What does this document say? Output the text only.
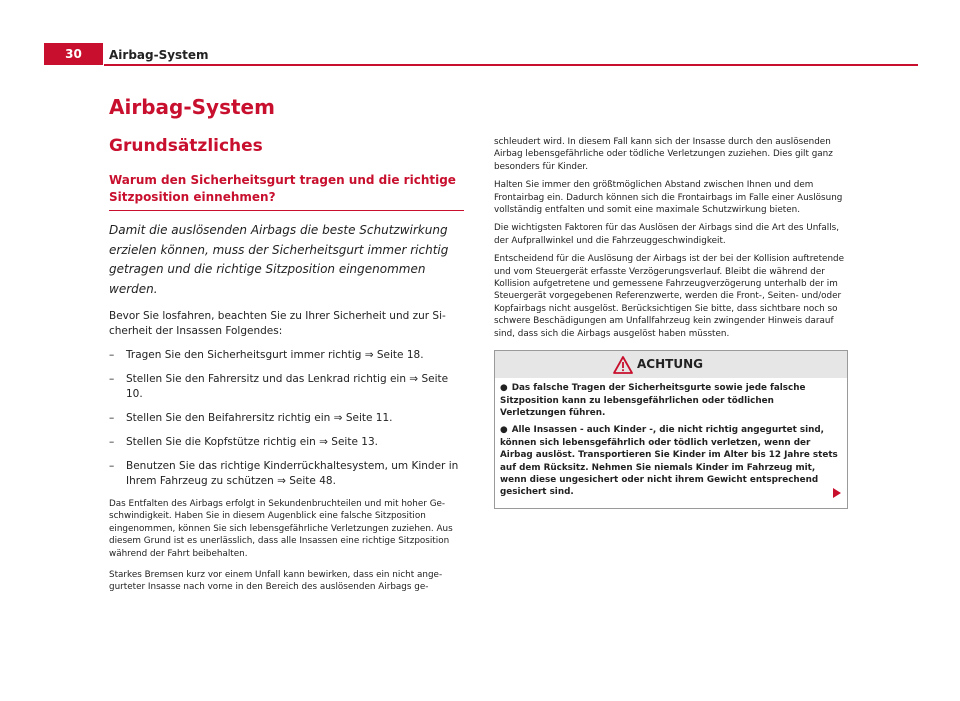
30	Airbag-System
Airbag-System
Grundsätzliches
Warum den Sicherheitsgurt tragen und die richtige Sitzposition einnehmen?

Damit die auslösenden Airbags die beste Schutzwirkung erzielen können, muss der Sicherheitsgurt immer richtig getragen und die richtige Sitzposition eingenommen werden.

Bevor Sie losfahren, beachten Sie zu Ihrer Sicherheit und zur Sicherheit der Insassen Folgendes:

– Tragen Sie den Sicherheitsgurt immer richtig ⇒ Seite 18.
– Stellen Sie den Fahrersitz und das Lenkrad richtig ein ⇒ Seite 10.
– Stellen Sie den Beifahrersitz richtig ein ⇒ Seite 11.
– Stellen Sie die Kopfstütze richtig ein ⇒ Seite 13.
– Benutzen Sie das richtige Kinderrückhaltesystem, um Kinder in Ihrem Fahrzeug zu schützen ⇒ Seite 48.

Das Entfalten des Airbags erfolgt in Sekundenbruchteilen und mit hoher Geschwindigkeit. Haben Sie in diesem Augenblick eine falsche Sitzposition eingenommen, können Sie sich lebensgefährliche Verletzungen zuziehen. Aus diesem Grund ist es unerlässlich, dass alle Insassen eine richtige Sitzposition während der Fahrt beibehalten.

Starkes Bremsen kurz vor einem Unfall kann bewirken, dass ein nicht angegurteter Insasse nach vorne in den Bereich des auslösenden Airbags ge-

schleudert wird. In diesem Fall kann sich der Insasse durch den auslösenden Airbag lebensgefährliche oder tödliche Verletzungen zuziehen. Dies gilt ganz besonders für Kinder.

Halten Sie immer den größtmöglichen Abstand zwischen Ihnen und dem Frontairbag ein. Dadurch können sich die Frontairbags im Falle einer Auslösung vollständig entfalten und somit eine maximale Schutzwirkung bieten.

Die wichtigsten Faktoren für das Auslösen der Airbags sind die Art des Unfalls, der Aufprallwinkel und die Fahrzeuggeschwindigkeit.

Entscheidend für die Auslösung der Airbags ist der bei der Kollision auftretende und vom Steuergerät erfasste Verzögerungsverlauf. Bleibt die während der Kollision aufgetretene und gemessene Fahrzeugverzögerung unterhalb der im Steuergerät vorgegebenen Referenzwerte, werden die Front-, Seiten- und/oder Kopfairbags nicht ausgelöst. Berücksichtigen Sie bitte, dass sichtbare noch so schwere Beschädigungen am Unfallfahrzeug kein zwingender Hinweis darauf sind, dass sich die Airbags ausgelöst haben müssten.

ACHTUNG
● Das falsche Tragen der Sicherheitsgurte sowie jede falsche Sitzposition kann zu lebensgefährlichen oder tödlichen Verletzungen führen.
● Alle Insassen - auch Kinder -, die nicht richtig angegurtet sind, können sich lebensgefährlich oder tödlich verletzen, wenn der Airbag auslöst. Transportieren Sie Kinder im Alter bis 12 Jahre stets auf dem Rücksitz. Nehmen Sie niemals Kinder im Fahrzeug mit, wenn diese ungesichert oder nicht ihrem Gewicht entsprechend gesichert sind.
